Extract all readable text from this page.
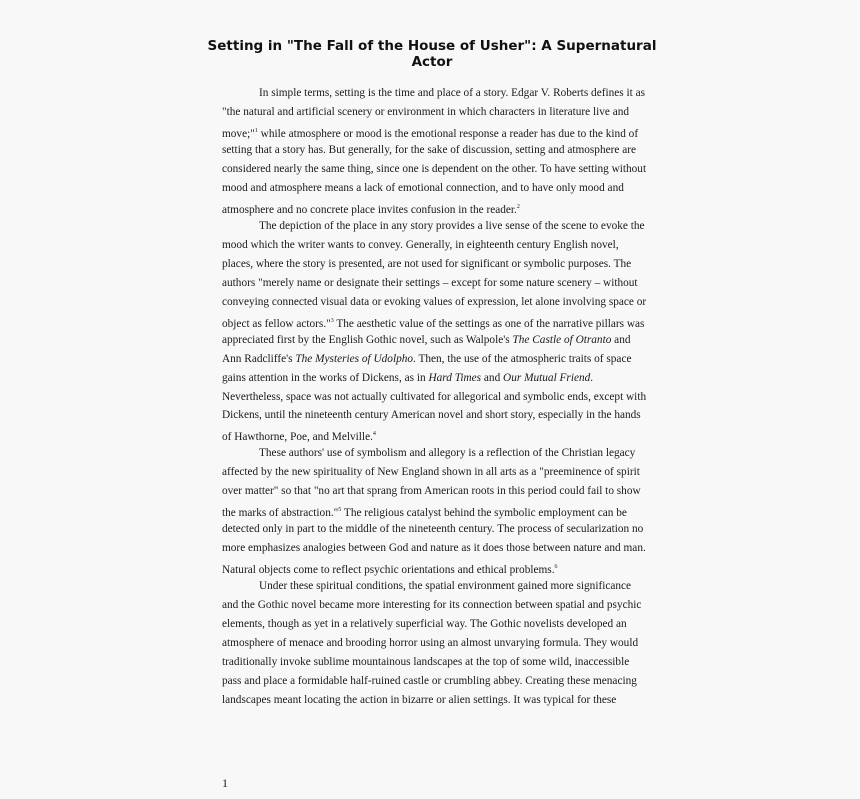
Setting in "The Fall of the House of Usher": A Supernatural
Actor
In simple terms, setting is the time and place of a story. Edgar V. Roberts defines it as
"the natural and artificial scenery or environment in which characters in literature live and
move;"$^1$ while atmosphere or mood is the emotional response a reader has due to the kind of
setting that a story has. But generally, for the sake of discussion, setting and atmosphere are
considered nearly the same thing, since one is dependent on the other. To have setting without
mood and atmosphere means a lack of emotional connection, and to have only mood and
atmosphere and no concrete place invites confusion in the reader.$^2$
The depiction of the place in any story provides a live sense of the scene to evoke the
mood which the writer wants to convey. Generally, in eighteenth century English novel,
places, where the story is presented, are not used for significant or symbolic purposes. The
authors "merely name or designate their settings – except for some nature scenery – without
conveying connected visual data or evoking values of expression, let alone involving space or
object as fellow actors."$^3$ The aesthetic value of the settings as one of the narrative pillars was
appreciated first by the English Gothic novel, such as Walpole's The Castle of Otranto and
Ann Radcliffe's The Mysteries of Udolpho. Then, the use of the atmospheric traits of space
gains attention in the works of Dickens, as in Hard Times and Our Mutual Friend.
Nevertheless, space was not actually cultivated for allegorical and symbolic ends, except with
Dickens, until the nineteenth century American novel and short story, especially in the hands
of Hawthorne, Poe, and Melville.$^4$
These authors' use of symbolism and allegory is a reflection of the Christian legacy
affected by the new spirituality of New England shown in all arts as a "preeminence of spirit
over matter" so that "no art that sprang from American roots in this period could fail to show
the marks of abstraction."$^5$ The religious catalyst behind the symbolic employment can be
detected only in part to the middle of the nineteenth century. The process of secularization no
more emphasizes analogies between God and nature as it does those between nature and man.
Natural objects come to reflect psychic orientations and ethical problems.$^6$
Under these spiritual conditions, the spatial environment gained more significance
and the Gothic novel became more interesting for its connection between spatial and psychic
elements, though as yet in a relatively superficial way. The Gothic novelists developed an
atmosphere of menace and brooding horror using an almost unvarying formula. They would
traditionally invoke sublime mountainous landscapes at the top of some wild, inaccessible
pass and place a formidable half-ruined castle or crumbling abbey. Creating these menacing
landscapes meant locating the action in bizarre or alien settings. It was typical for these
1
